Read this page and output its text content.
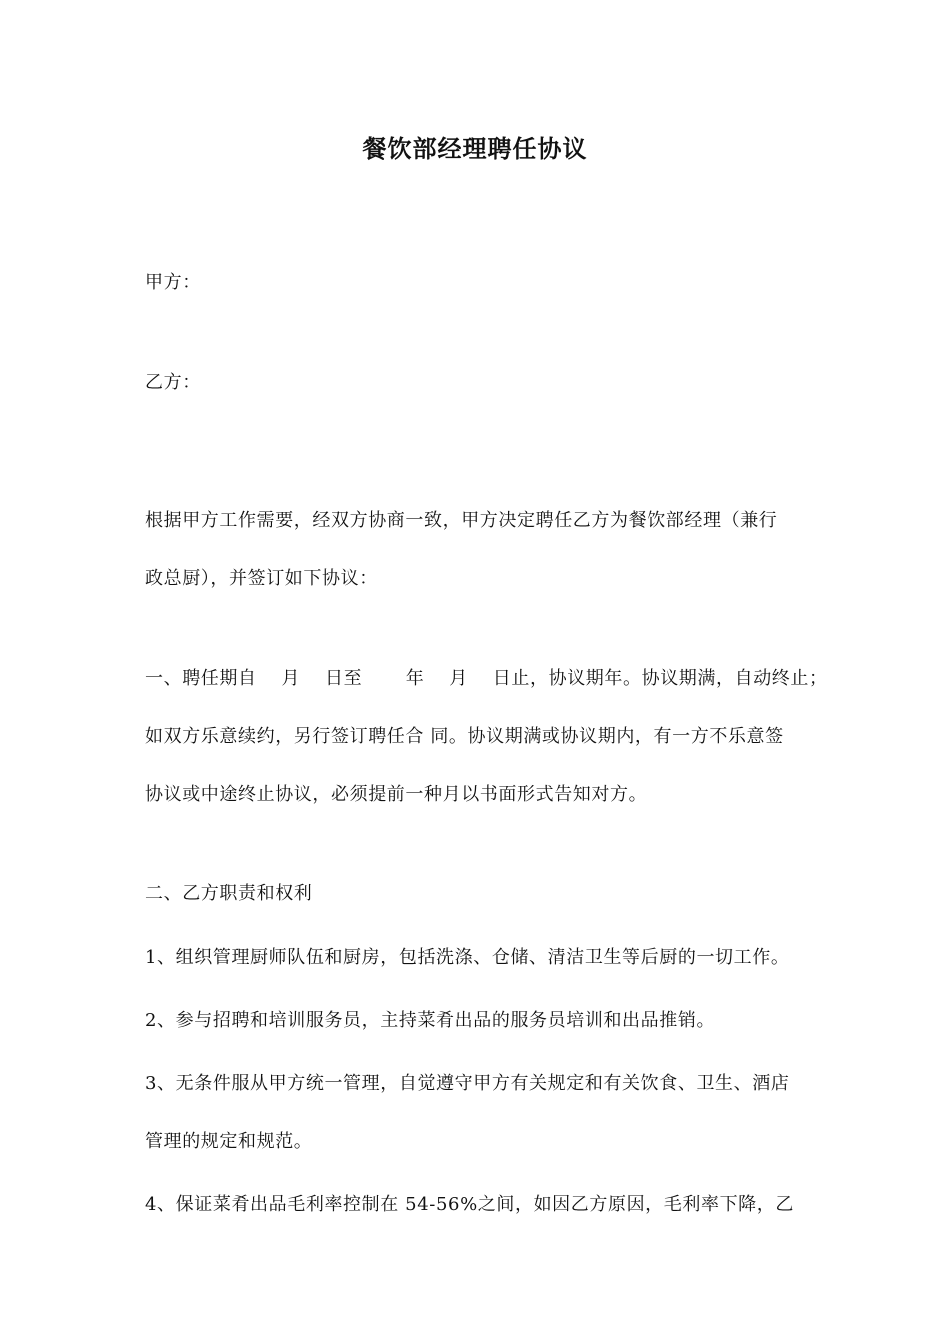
餐饮部经理聘任协议
甲方：
乙方：
根据甲方工作需要，经双方协商一致，甲方决定聘任乙方为餐饮部经理（兼行
政总厨），并签订如下协议：
一、聘任期自　 月　 日至　　 年　 月　 日止，协议期年。协议期满，自动终止；
如双方乐意续约，另行签订聘任合 同。协议期满或协议期内，有一方不乐意签
协议或中途终止协议，必须提前一种月以书面形式告知对方。
二、乙方职责和权利
1、组织管理厨师队伍和厨房，包括洗涤、仓储、清洁卫生等后厨的一切工作。
2、参与招聘和培训服务员，主持菜肴出品的服务员培训和出品推销。
3、无条件服从甲方统一管理，自觉遵守甲方有关规定和有关饮食、卫生、酒店
管理的规定和规范。
4、保证菜肴出品毛利率控制在 54-56%之间，如因乙方原因，毛利率下降，乙
